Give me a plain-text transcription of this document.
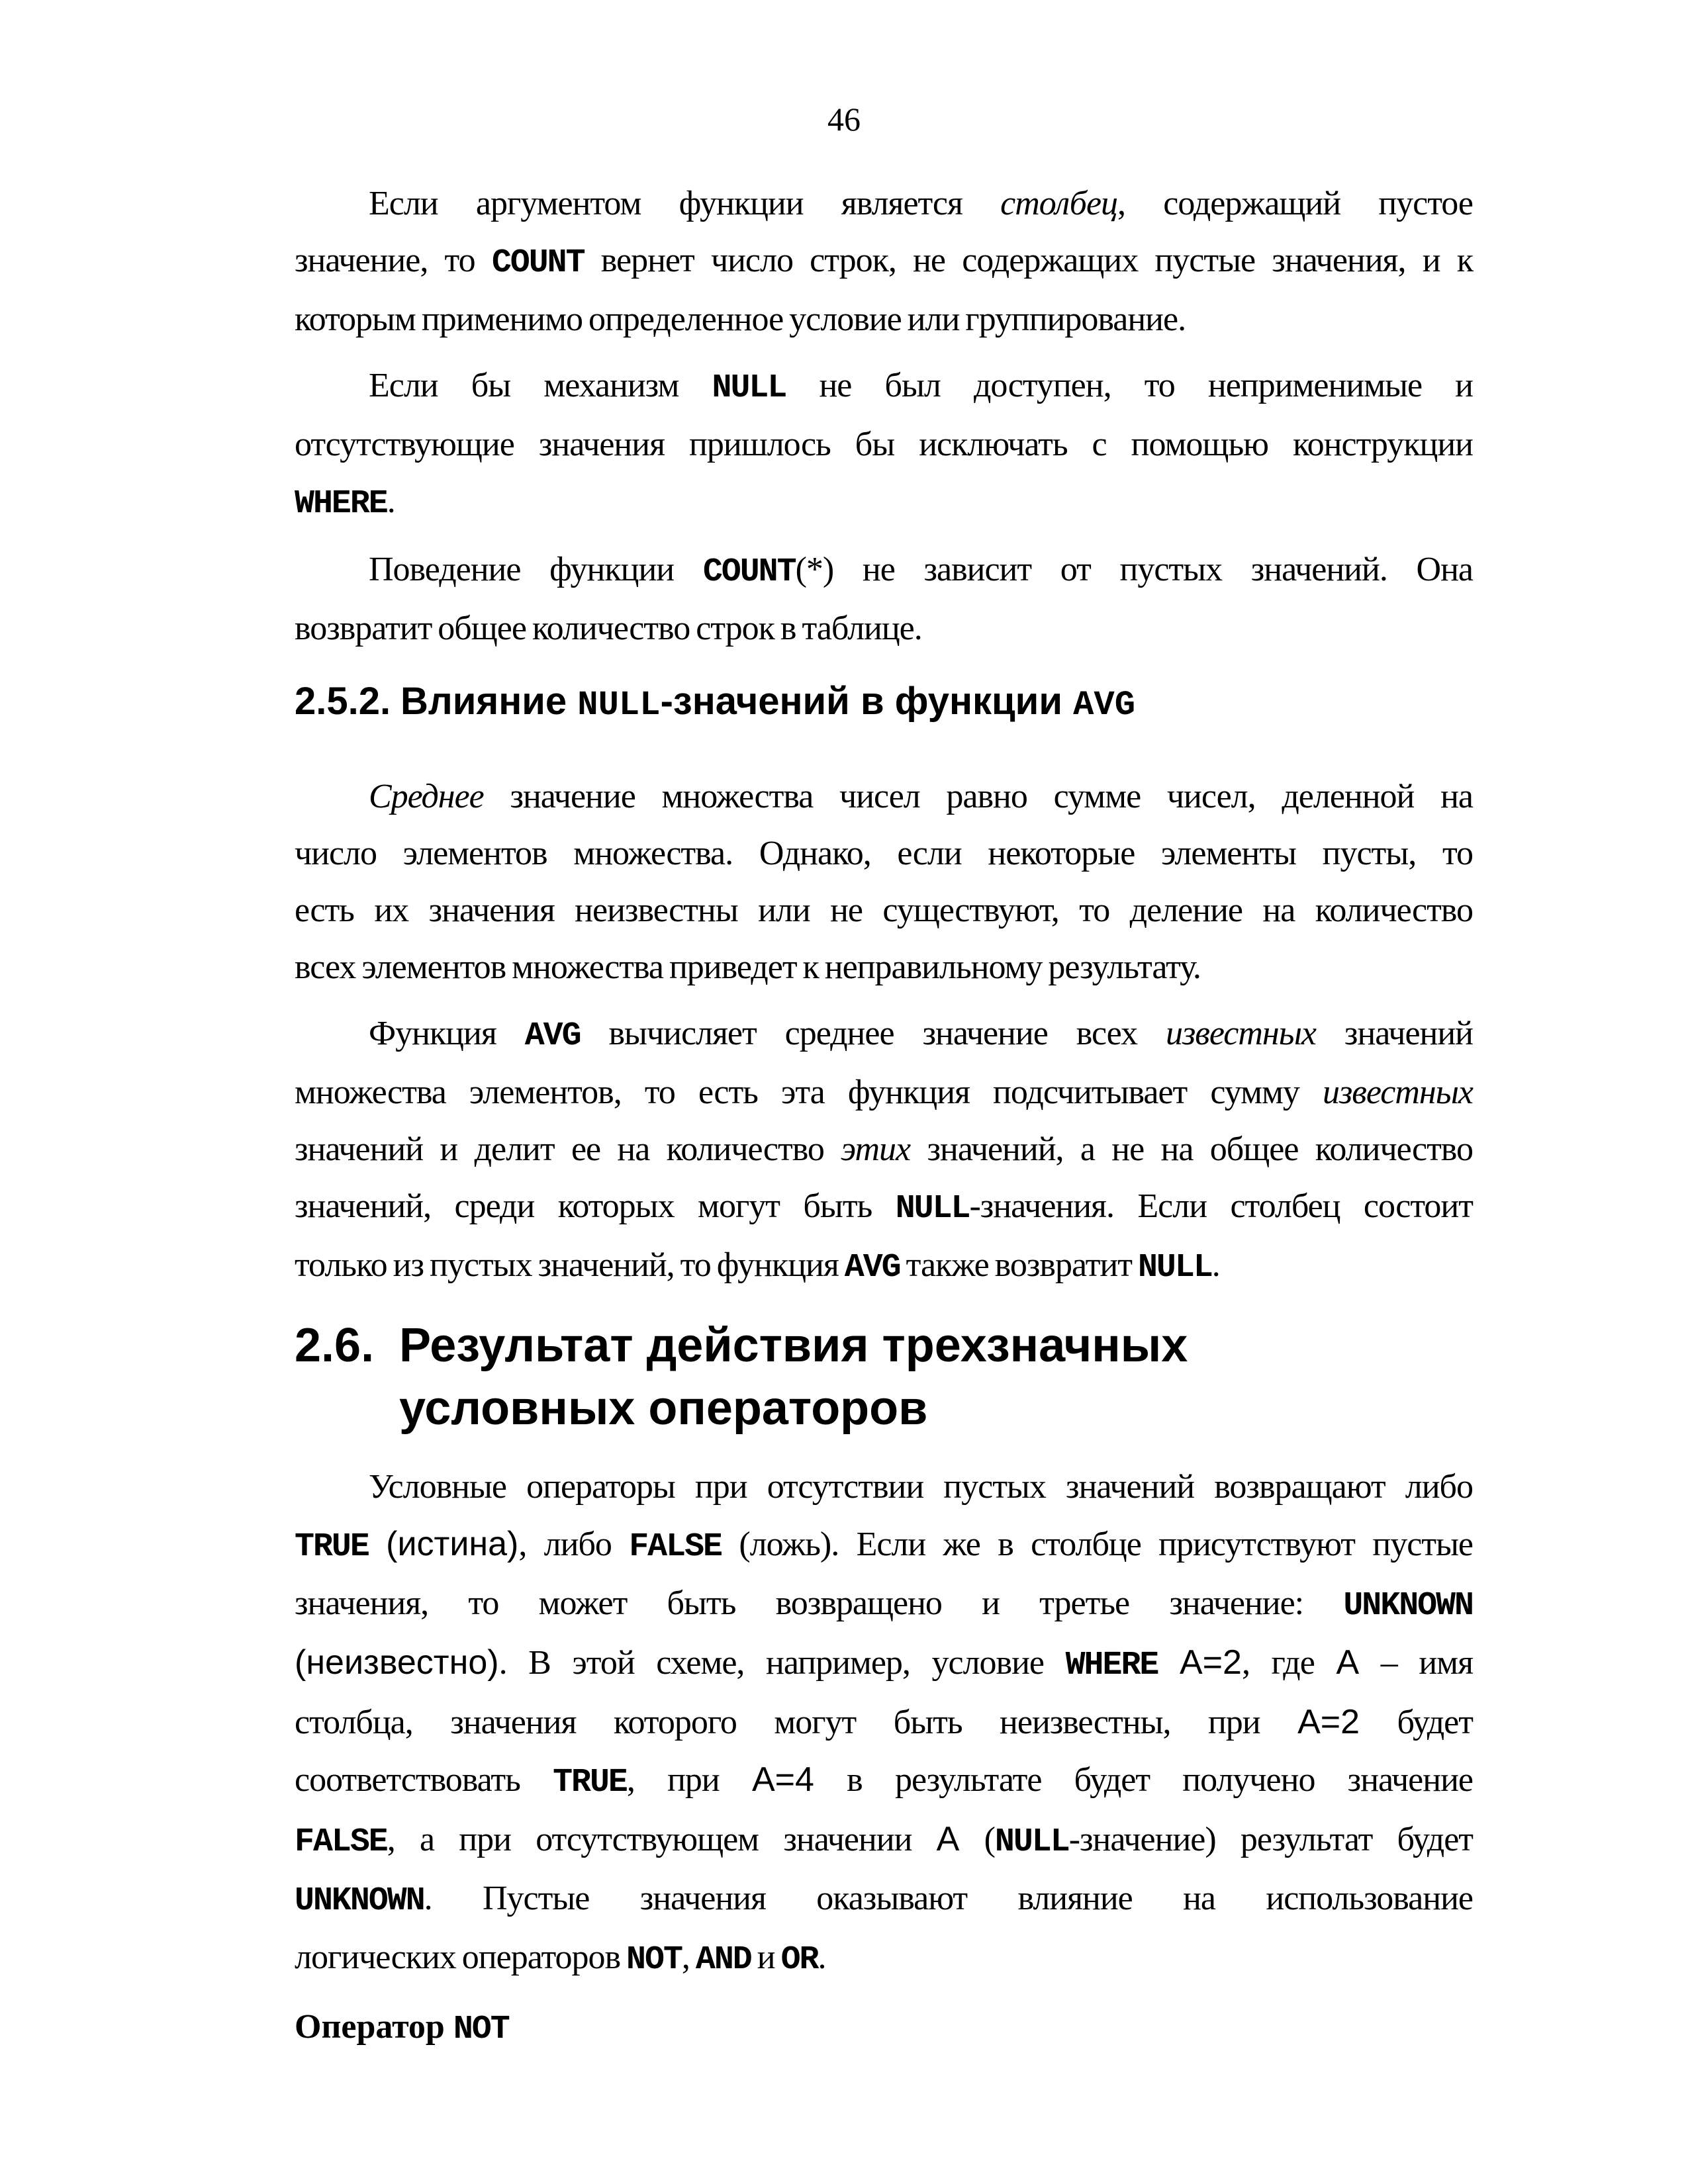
46
Если аргументом функции является столбец, содержащий пустое
значение, то COUNT вернет число строк, не содержащих пустые значения, и к
которым применимо определенное условие или группирование.
Если бы механизм NULL не был доступен, то неприменимые и
отсутствующие значения пришлось бы исключать с помощью конструкции
WHERE.
Поведение функции COUNT(*) не зависит от пустых значений. Она
возвратит общее количество строк в таблице.
2.5.2. Влияние NULL-значений в функции AVG
Среднее значение множества чисел равно сумме чисел, деленной на
число элементов множества. Однако, если некоторые элементы пусты, то
есть их значения неизвестны или не существуют, то деление на количество
всех элементов множества приведет к неправильному результату.
Функция AVG вычисляет среднее значение всех известных значений
множества элементов, то есть эта функция подсчитывает сумму известных
значений и делит ее на количество этих значений, а не на общее количество
значений, среди которых могут быть NULL-значения. Если столбец состоит
только из пустых значений, то функция AVG также возвратит NULL.
2.6. Результат действия трехзначных
условных операторов
Условные операторы при отсутствии пустых значений возвращают либо
TRUE (истина), либо FALSE (ложь). Если же в столбце присутствуют пустые
значения, то может быть возвращено и третье значение: UNKNOWN
(неизвестно). В этой схеме, например, условие WHERE A=2, где A – имя
столбца, значения которого могут быть неизвестны, при A=2 будет
соответствовать TRUE, при A=4 в результате будет получено значение
FALSE, а при отсутствующем значении A (NULL-значение) результат будет
UNKNOWN. Пустые значения оказывают влияние на использование
логических операторов NOT, AND и OR.
Оператор NOT
